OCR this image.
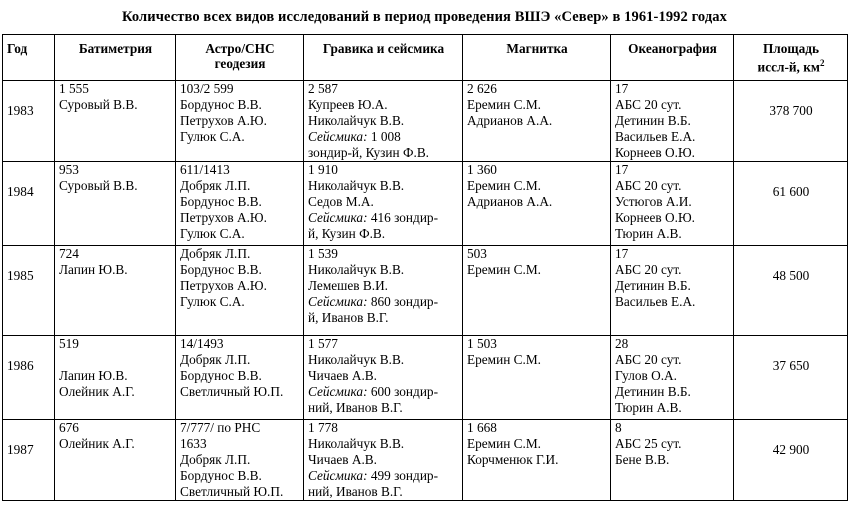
Количество всех видов исследований в период проведения ВШЭ «Север» в 1961-1992 годах
Год	Батиметрия	Астро/СНС
геодезия	Гравика и сейсмика	Магнитка	Океанография	Площадь
иссл-й, $км^2$

1983	1 555
Суровый В.В.	103/2 599
Бордунос В.В.
Петрухов А.Ю.
Гулюк С.А.	2 587
Купреев Ю.А.
Николайчук В.В.
Сейсмика: 1 008
зондир-й, Кузин Ф.В.	2 626
Еремин С.М.
Адрианов А.А.	17
АБС 20 сут.
Детинин В.Б.
Васильев Е.А.
Корнеев О.Ю.	378 700
1984	953
Суровый В.В.	611/1413
Добряк Л.П.
Бордунос В.В.
Петрухов А.Ю.
Гулюк С.А.	1 910
Николайчук В.В.
Седов М.А.
Сейсмика: 416 зондир-
й, Кузин Ф.В.	1 360
Еремин С.М.
Адрианов А.А.	17
АБС 20 сут.
Устюгов А.И.
Корнеев О.Ю.
Тюрин А.В.	61 600
1985	724
Лапин Ю.В.	Добряк Л.П.
Бордунос В.В.
Петрухов А.Ю.
Гулюк С.А.	1 539
Николайчук В.В.
Лемешев В.И.
Сейсмика: 860 зондир-
й, Иванов В.Г.	503
Еремин С.М.	17
АБС 20 сут.
Детинин В.Б.
Васильев Е.А.	48 500
1986	519

Лапин Ю.В.
Олейник А.Г.	14/1493
Добряк Л.П.
Бордунос В.В.
Светличный Ю.П.	1 577
Николайчук В.В.
Чичаев А.В.
Сейсмика: 600 зондир-
ний, Иванов В.Г.	1 503
Еремин С.М.	28
АБС 20 сут.
Гулов О.А.
Детинин В.Б.
Тюрин А.В.	37 650
1987	676
Олейник А.Г.	7/777/ по РНС
1633
Добряк Л.П.
Бордунос В.В.
Светличный Ю.П.	1 778
Николайчук В.В.
Чичаев А.В.
Сейсмика: 499 зондир-
ний, Иванов В.Г.	1 668
Еремин С.М.
Корчменюк Г.И.	8
АБС 25 сут.
Бене В.В.	42 900
